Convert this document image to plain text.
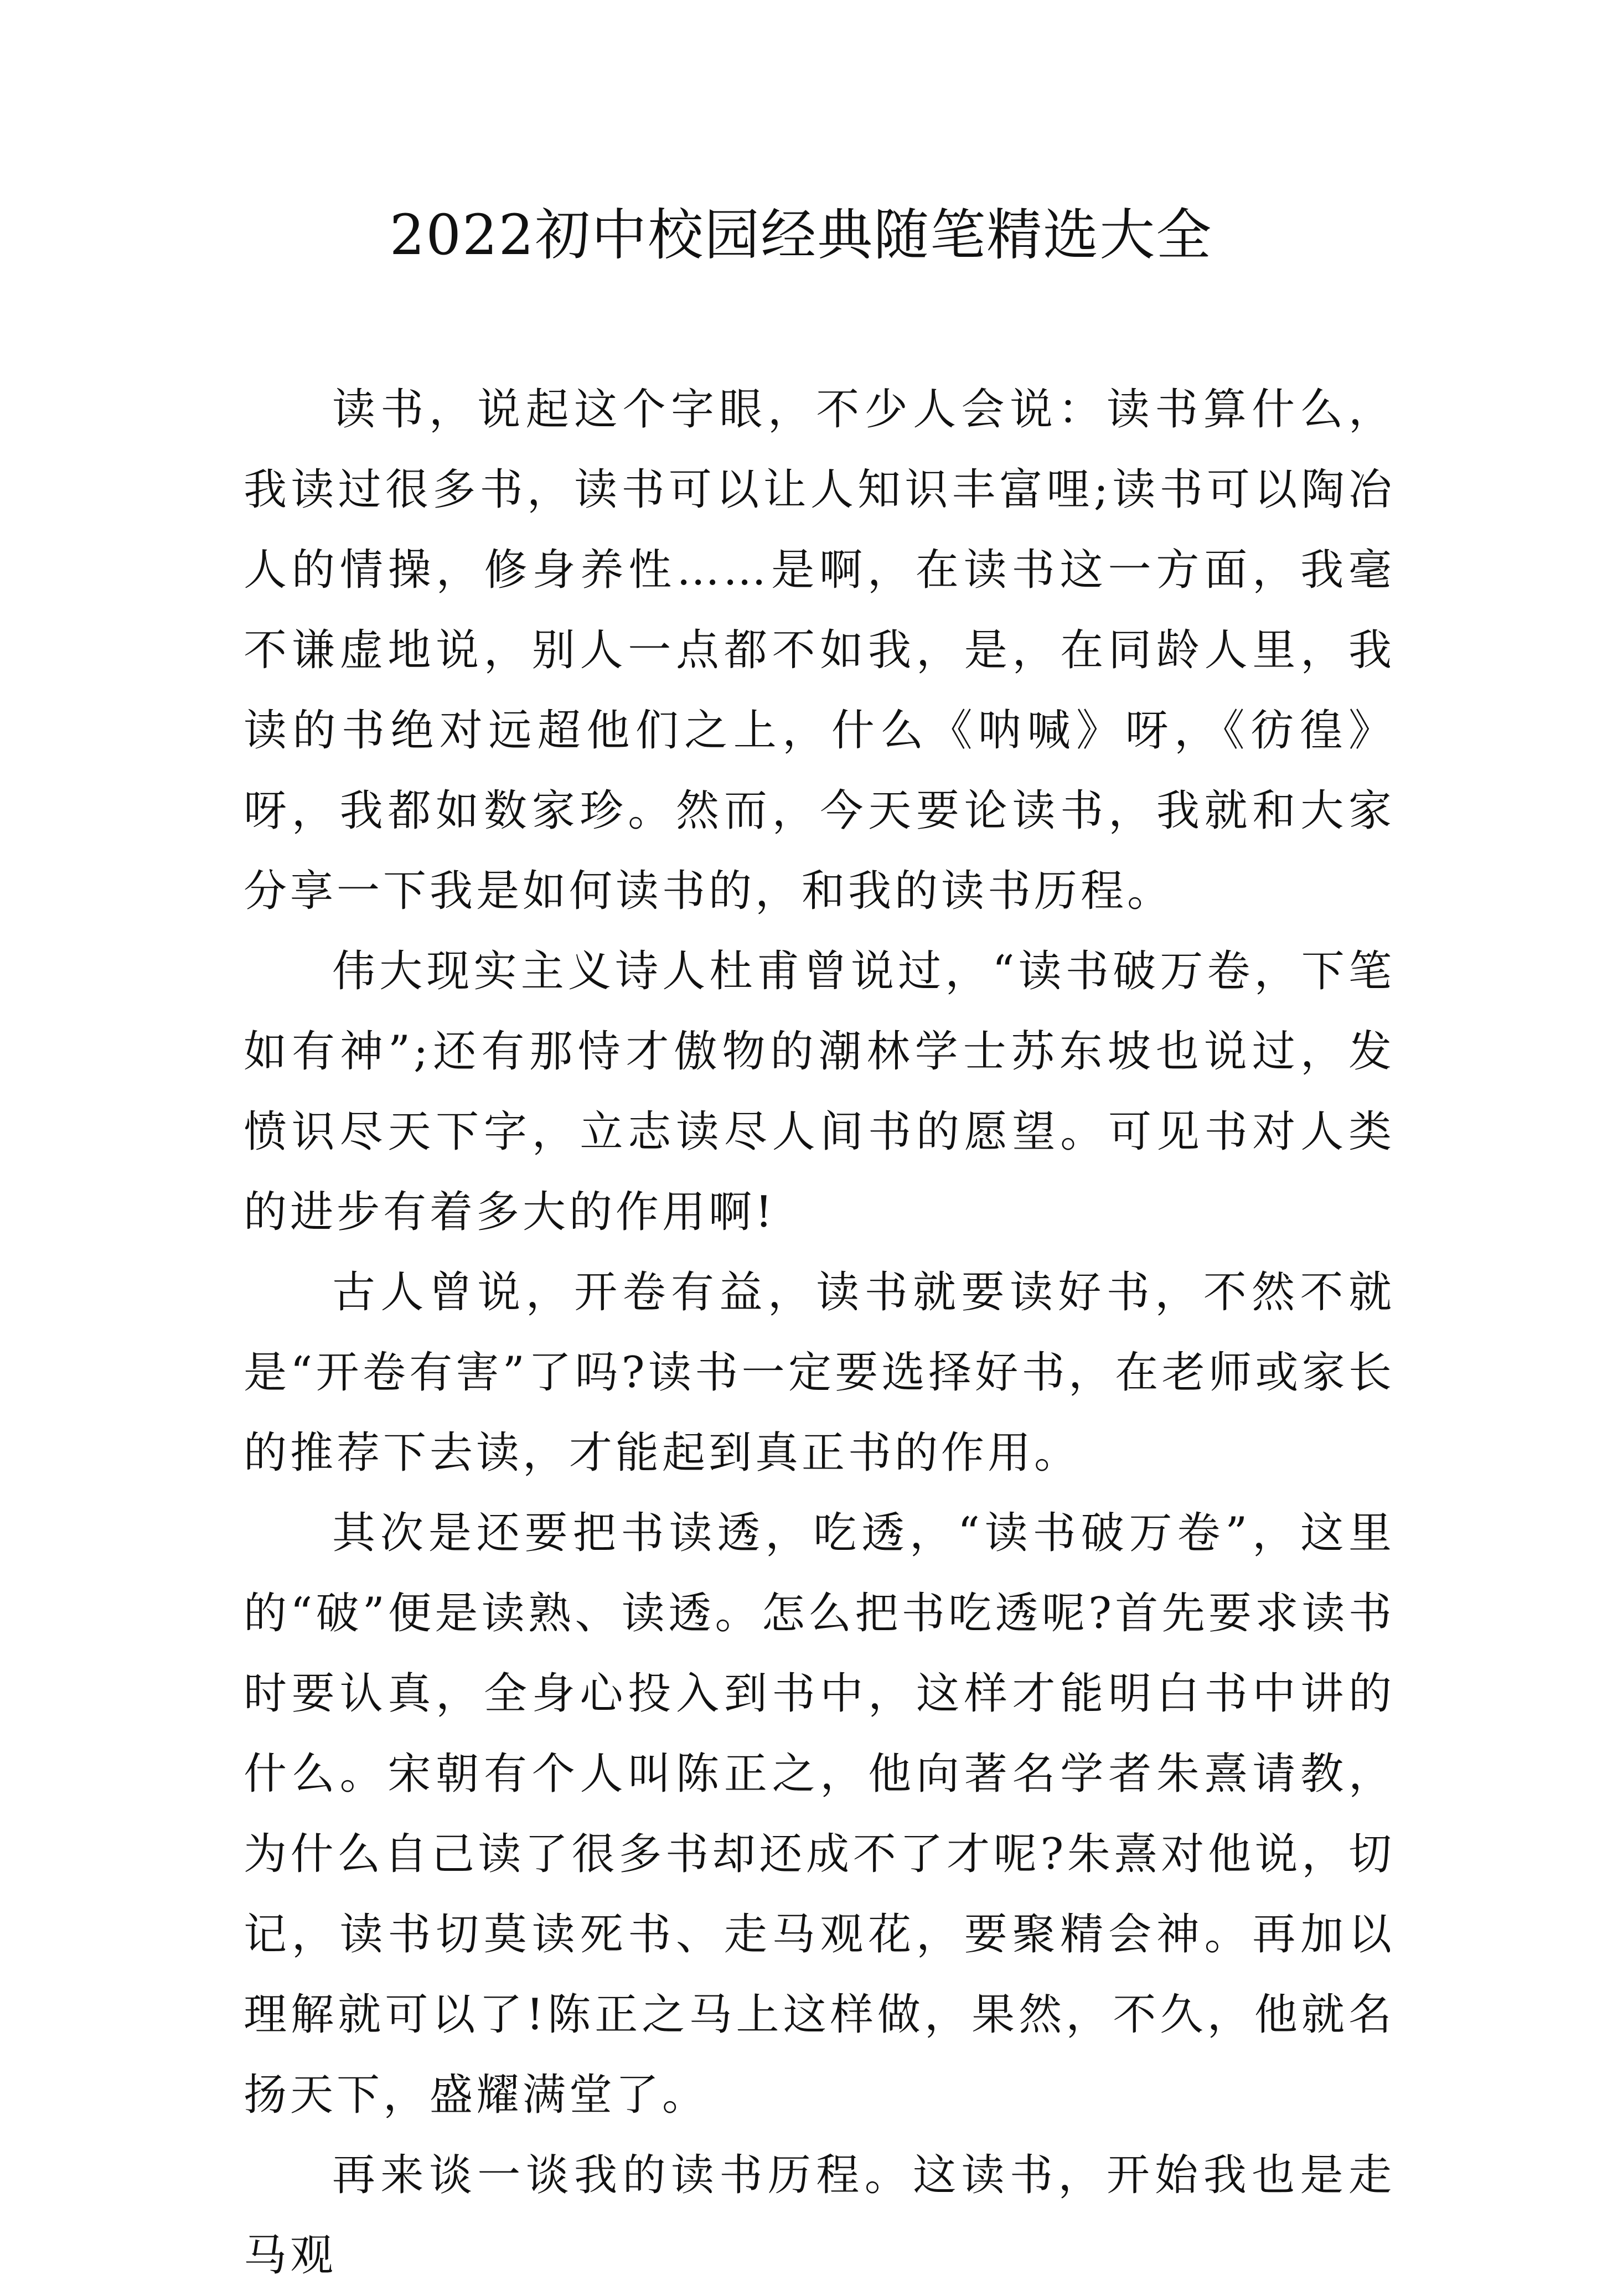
2022初中校园经典随笔精选大全

读书，说起这个字眼，不少人会说：读书算什么，我读过很多书，读书可以让人知识丰富哩;读书可以陶冶人的情操，修身养性……是啊，在读书这一方面，我毫不谦虚地说，别人一点都不如我，是，在同龄人里，我读的书绝对远超他们之上，什么《呐喊》呀，《彷徨》呀，我都如数家珍。然而，今天要论读书，我就和大家分享一下我是如何读书的，和我的读书历程。

伟大现实主义诗人杜甫曾说过，“读书破万卷，下笔如有神”;还有那恃才傲物的潮林学士苏东坡也说过，发愤识尽天下字，立志读尽人间书的愿望。可见书对人类的进步有着多大的作用啊!

古人曾说，开卷有益，读书就要读好书，不然不就是“开卷有害”了吗?读书一定要选择好书，在老师或家长的推荐下去读，才能起到真正书的作用。

其次是还要把书读透，吃透，“读书破万卷”，这里的“破”便是读熟、读透。怎么把书吃透呢?首先要求读书时要认真，全身心投入到书中，这样才能明白书中讲的什么。宋朝有个人叫陈正之，他向著名学者朱熹请教，为什么自己读了很多书却还成不了才呢?朱熹对他说，切记，读书切莫读死书、走马观花，要聚精会神。再加以理解就可以了!陈正之马上这样做，果然，不久，他就名扬天下，盛耀满堂了。

再来谈一谈我的读书历程。这读书，开始我也是走马观
